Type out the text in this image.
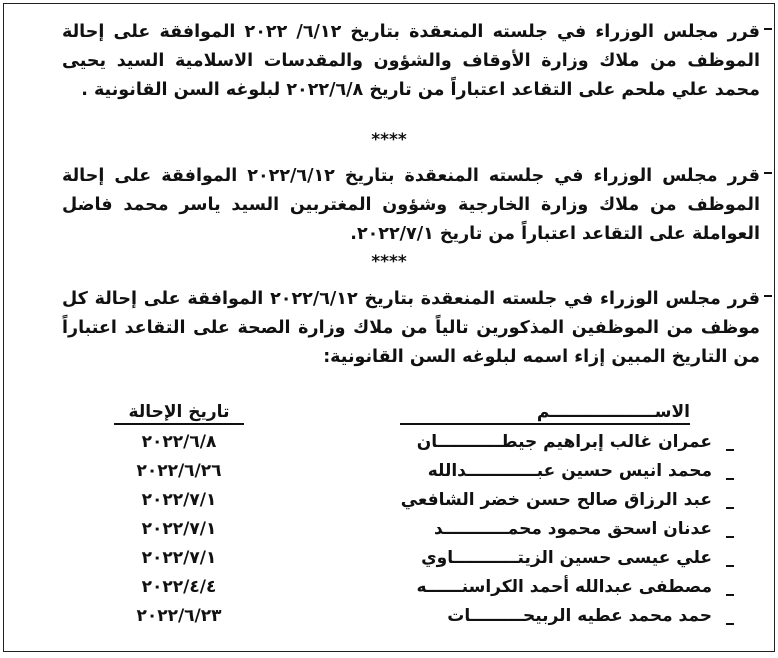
قرر مجلس الوزراء في جلسته المنعقدة بتاريخ ٦/١٢/ ٢٠٢٢ الموافقة على إحالة الموظف من ملاك وزارة الأوقاف والشؤون والمقدسات الاسلامية السيد يحيى محمد علي ملحم على التقاعد اعتباراً من تاريخ ٢٠٢٢/٦/٨ لبلوغه السن القانونية .
****
قرر مجلس الوزراء في جلسته المنعقدة بتاريخ ٢٠٢٢/٦/١٢ الموافقة على إحالة الموظف من ملاك وزارة الخارجية وشؤون المغتربين السيد ياسر محمد فاضل العواملة على التقاعد اعتباراً من تاريخ ٢٠٢٢/٧/١.
****
قرر مجلس الوزراء في جلسته المنعقدة بتاريخ ٢٠٢٢/٦/١٢ الموافقة على إحالة كل موظف من الموظفين المذكورين تالياً من ملاك وزارة الصحة على التقاعد اعتباراً من التاريخ المبين إزاء اسمه لبلوغه السن القانونية:
الاســــــــــــــــــم
تاريخ الإحالة
عمران غالب إبراهيم جيطـــــــــــان
٢٠٢٢/٦/٨
محمد انيس حسين عبــــــــــــدالله
٢٠٢٢/٦/٢٦
عبد الرزاق صالح حسن خضر الشافعي
٢٠٢٢/٧/١
عدنان اسحق محمود محمـــــــــــد
٢٠٢٢/٧/١
علي عيسى حسين الزيتـــــــــــاوي
٢٠٢٢/٧/١
مصطفى عبدالله أحمد الكراسنــــــه
٢٠٢٢/٤/٤
حمد محمد عطيه الربيحـــــــــات
٢٠٢٢/٦/٢٣
